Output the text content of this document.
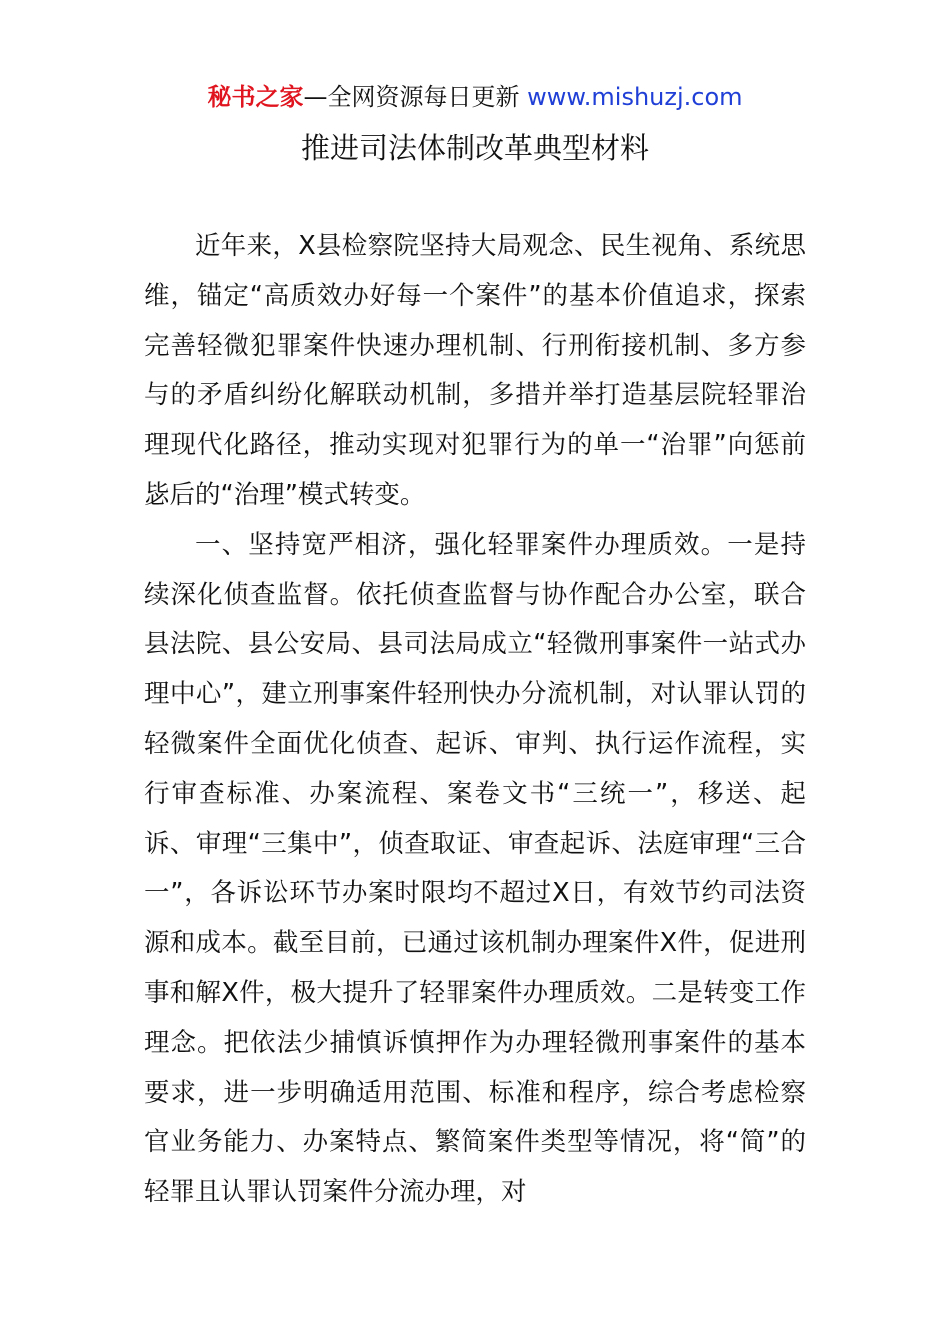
秘书之家—全网资源每日更新 www.mishuzj.com
推进司法体制改革典型材料

近年来，X县检察院坚持大局观念、民生视角、系统思维，锚定“高质效办好每一个案件”的基本价值追求，探索完善轻微犯罪案件快速办理机制、行刑衔接机制、多方参与的矛盾纠纷化解联动机制，多措并举打造基层院轻罪治理现代化路径，推动实现对犯罪行为的单一“治罪”向惩前毖后的“治理”模式转变。

一、坚持宽严相济，强化轻罪案件办理质效。一是持续深化侦查监督。依托侦查监督与协作配合办公室，联合县法院、县公安局、县司法局成立“轻微刑事案件一站式办理中心”，建立刑事案件轻刑快办分流机制，对认罪认罚的轻微案件全面优化侦查、起诉、审判、执行运作流程，实行审查标准、办案流程、案卷文书“三统一”，移送、起诉、审理“三集中”，侦查取证、审查起诉、法庭审理“三合一”，各诉讼环节办案时限均不超过X日，有效节约司法资源和成本。截至目前，已通过该机制办理案件X件，促进刑事和解X件，极大提升了轻罪案件办理质效。二是转变工作理念。把依法少捕慎诉慎押作为办理轻微刑事案件的基本要求，进一步明确适用范围、标准和程序，综合考虑检察官业务能力、办案特点、繁简案件类型等情况，将“简”的轻罪且认罪认罚案件分流办理，对
